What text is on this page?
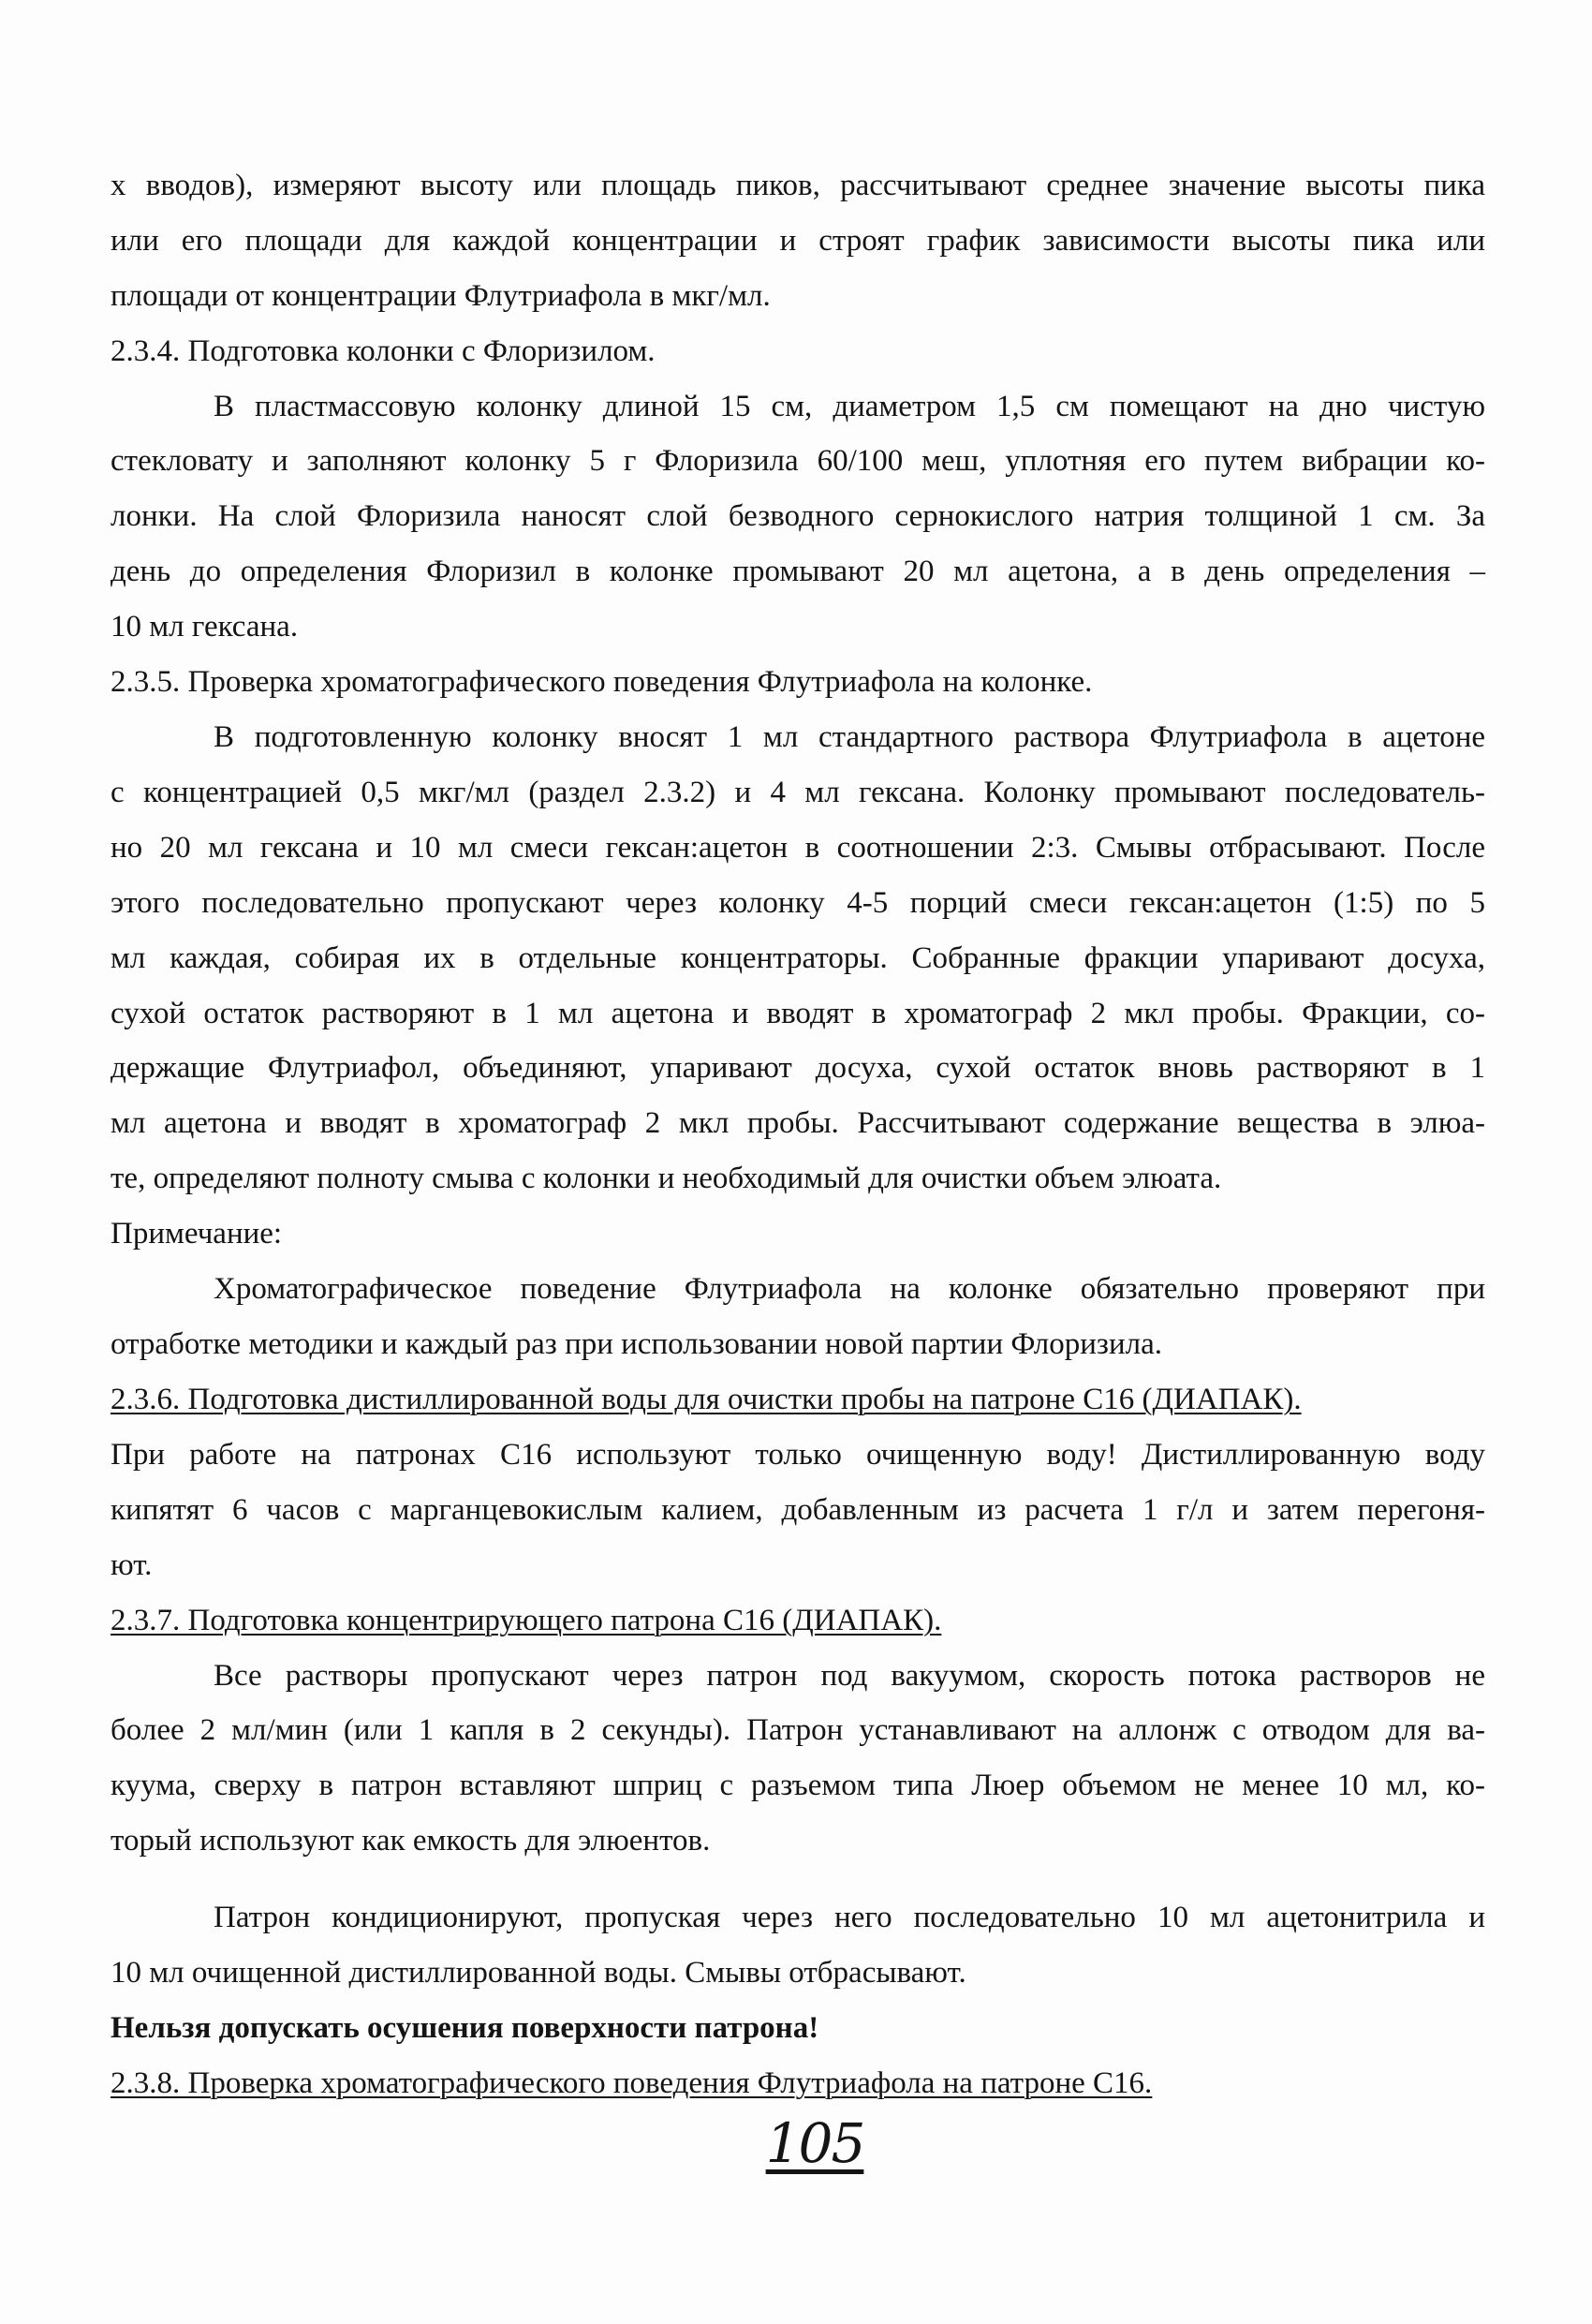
х вводов), измеряют высоту или площадь пиков, рассчитывают среднее значение высоты пика

или его площади для каждой концентрации и строят график зависимости высоты пика или

площади от концентрации Флутриафола в мкг/мл.

2.3.4. Подготовка колонки с Флоризилом.

В пластмассовую колонку длиной 15 см, диаметром 1,5 см помещают на дно чистую

стекловату и заполняют колонку 5 г Флоризила 60/100 меш, уплотняя его путем вибрации ко-

лонки. На слой Флоризила наносят слой безводного сернокислого натрия толщиной 1 см. За

день до определения Флоризил в колонке промывают 20 мл ацетона, а в день определения –

10 мл гексана.

2.3.5. Проверка хроматографического поведения Флутриафола на колонке.

В подготовленную колонку вносят 1 мл стандартного раствора Флутриафола в ацетоне

с концентрацией 0,5 мкг/мл (раздел 2.3.2) и 4 мл гексана. Колонку промывают последователь-

но 20 мл гексана и 10 мл смеси гексан:ацетон в соотношении 2:3. Смывы отбрасывают. После

этого последовательно пропускают через колонку 4-5 порций смеси гексан:ацетон (1:5) по 5

мл каждая, собирая их в отдельные концентраторы. Собранные фракции упаривают досуха,

сухой остаток растворяют в 1 мл ацетона и вводят в хроматограф 2 мкл пробы. Фракции, со-

держащие Флутриафол, объединяют, упаривают досуха, сухой остаток вновь растворяют в 1

мл ацетона и вводят в хроматограф 2 мкл пробы. Рассчитывают содержание вещества в элюа-

те, определяют полноту смыва с колонки и необходимый для очистки объем элюата.

Примечание:

Хроматографическое поведение Флутриафола на колонке обязательно проверяют при

отработке методики и каждый раз при использовании новой партии Флоризила.

2.3.6. Подготовка дистиллированной воды для очистки пробы на патроне С16 (ДИАПАК).

При работе на патронах С16 используют только очищенную воду! Дистиллированную воду

кипятят 6 часов с марганцевокислым калием, добавленным из расчета 1 г/л и затем перегоня-

ют.

2.3.7. Подготовка концентрирующего патрона С16 (ДИАПАК).

Все растворы пропускают через патрон под вакуумом, скорость потока растворов не

более 2 мл/мин (или 1 капля в 2 секунды). Патрон устанавливают на аллонж с отводом для ва-

куума, сверху в патрон вставляют шприц с разъемом типа Люер объемом не менее 10 мл, ко-

торый используют как емкость для элюентов.

Патрон кондиционируют, пропуская через него последовательно 10 мл ацетонитрила и

10 мл очищенной дистиллированной воды. Смывы отбрасывают.

Нельзя допускать осушения поверхности патрона!

2.3.8. Проверка хроматографического поведения Флутриафола на патроне С16.

105
